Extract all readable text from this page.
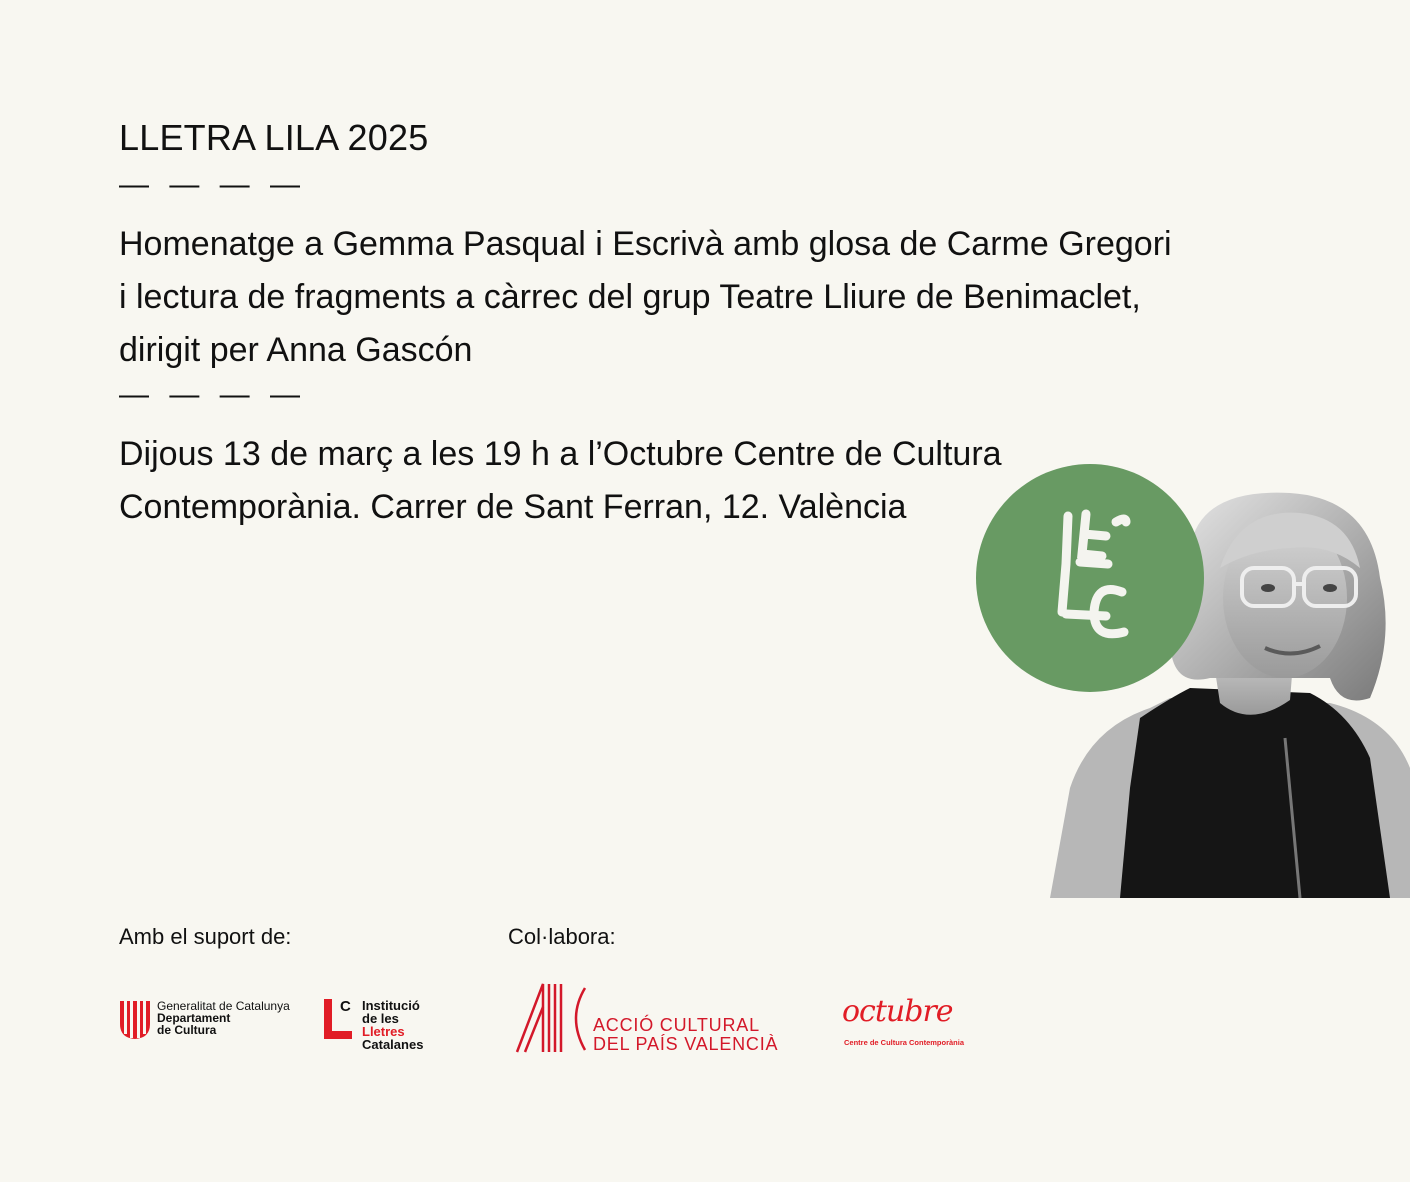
LLETRA LILA 2025
— — — —

Homenatge a Gemma Pasqual i Escrivà amb glosa de Carme Gregori
i lectura de fragments a càrrec del grup Teatre Lliure de Benimaclet,
dirigit per Anna Gascón

— — — —

Dijous 13 de març a les 19 h a l’Octubre Centre de Cultura
Contemporània. Carrer de Sant Ferran, 12. València

Amb el suport de:	Col·labora:
Generalitat de Catalunya
Departament
de Cultura
C Institució
de les
Lletres
Catalanes
ACCIÓ CULTURAL
DEL PAÍS VALENCIÀ
octubre
Centre de Cultura Contemporània
